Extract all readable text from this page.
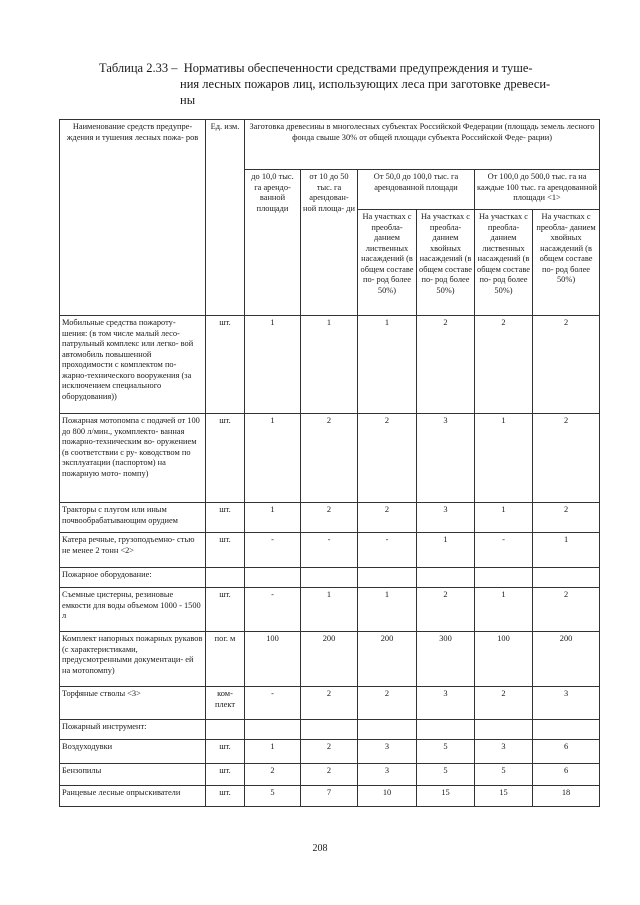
Таблица 2.33 – Нормативы обеспеченности средствами предупреждения и туше-
ния лесных пожаров лиц, использующих леса при заготовке древеси-
ны
Наименование средств предупре- ждения и тушения лесных пожа- ров	Ед. изм.	Заготовка древесины в многолесных субъектах Российской Федерации (площадь земель лесного фонда свыше 30% от общей площади субъекта Российской Феде- рации)					
		до 10,0 тыс. га арендо- ванной площади	от 10 до 50 тыс. га арендован- ной площа- ди	От 50,0 до 100,0 тыс. га арендованной площади		От 100,0 до 500,0 тыс. га на каждые 100 тыс. га арендованной площади <1>	
				На участках с преобла- данием лиственных насаждений (в общем составе по- род более 50%)	На участках с преобла- данием хвойных насаждений (в общем составе по- род более 50%)	На участках с преобла- данием лиственных насаждений (в общем составе по- род более 50%)	На участках с преобла- данием хвойных насаждений (в общем составе по- род более 50%)
Мобильные средства пожароту- шения: (в том числе малый лесо- патрульный комплекс или легко- вой автомобиль повышенной проходимости с комплектом по- жарно-технического вооружения (за исключением специального оборудования))	шт.	1	1	1	2	2	2
Пожарная мотопомпа с подачей от 100 до 800 л/мин., укомплекто- ванная пожарно-техническим во- оружением (в соответствии с ру- ководством по эксплуатации (паспортом) на пожарную мото- помпу)	шт.	1	2	2	3	1	2
Тракторы с плугом или иным почвообрабатывающим орудием	шт.	1	2	2	3	1	2
Катера речные, грузоподъемно- стью не менее 2 тонн <2>	шт.	-	-	-	1	-	1
Пожарное оборудование:							
Съемные цистерны, резиновые емкости для воды объемом 1000 - 1500 л	шт.	-	1	1	2	1	2
Комплект напорных пожарных рукавов (с характеристиками, предусмотренными документаци- ей на мотопомпу)	пог. м	100	200	200	300	100	200
Торфяные стволы <3>	ком- плект	-	2	2	3	2	3
Пожарный инструмент:							
Воздуходувки	шт.	1	2	3	5	3	6
Бензопилы	шт.	2	2	3	5	5	6
Ранцевые лесные опрыскиватели	шт.	5	7	10	15	15	18
208
